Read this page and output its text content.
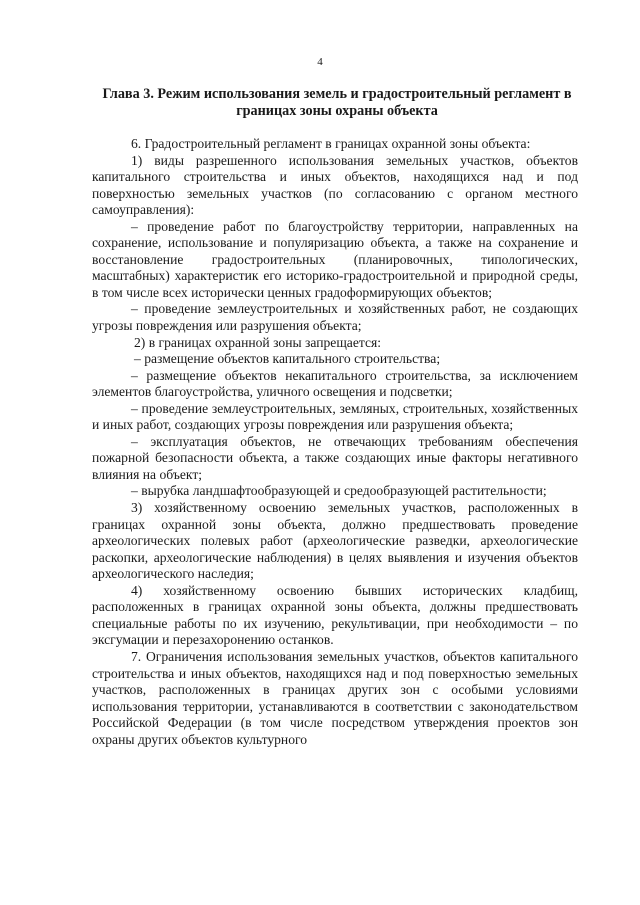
4
Глава 3. Режим использования земель и градостроительный регламент в границах зоны охраны объекта

6. Градостроительный регламент в границах охранной зоны объекта:

1) виды разрешенного использования земельных участков, объектов капитального строительства и иных объектов, находящихся над и под поверхностью земельных участков (по согласованию с органом местного самоуправления):

– проведение работ по благоустройству территории, направленных на сохранение, использование и популяризацию объекта, а также на сохранение и восстановление градостроительных (планировочных, типологических, масштабных) характеристик его историко-градостроительной и природной среды, в том числе всех исторически ценных градоформирующих объектов;

– проведение землеустроительных и хозяйственных работ, не создающих угрозы повреждения или разрушения объекта;

2) в границах охранной зоны запрещается:

– размещение объектов капитального строительства;

– размещение объектов некапитального строительства, за исключением элементов благоустройства, уличного освещения и подсветки;

– проведение землеустроительных, земляных, строительных, хозяйственных и иных работ, создающих угрозы повреждения или разрушения объекта;

– эксплуатация объектов, не отвечающих требованиям обеспечения пожарной безопасности объекта, а также создающих иные факторы негативного влияния на объект;

– вырубка ландшафтообразующей и средообразующей растительности;

3) хозяйственному освоению земельных участков, расположенных в границах охранной зоны объекта, должно предшествовать проведение археологических полевых работ (археологические разведки, археологические раскопки, археологические наблюдения) в целях выявления и изучения объектов археологического наследия;

4) хозяйственному освоению бывших исторических кладбищ, расположенных в границах охранной зоны объекта, должны предшествовать специальные работы по их изучению, рекультивации, при необходимости – по эксгумации и перезахоронению останков.

7. Ограничения использования земельных участков, объектов капитального строительства и иных объектов, находящихся над и под поверхностью земельных участков, расположенных в границах других зон с особыми условиями использования территории, устанавливаются в соответствии с законодательством Российской Федерации (в том числе посредством утверждения проектов зон охраны других объектов культурного
